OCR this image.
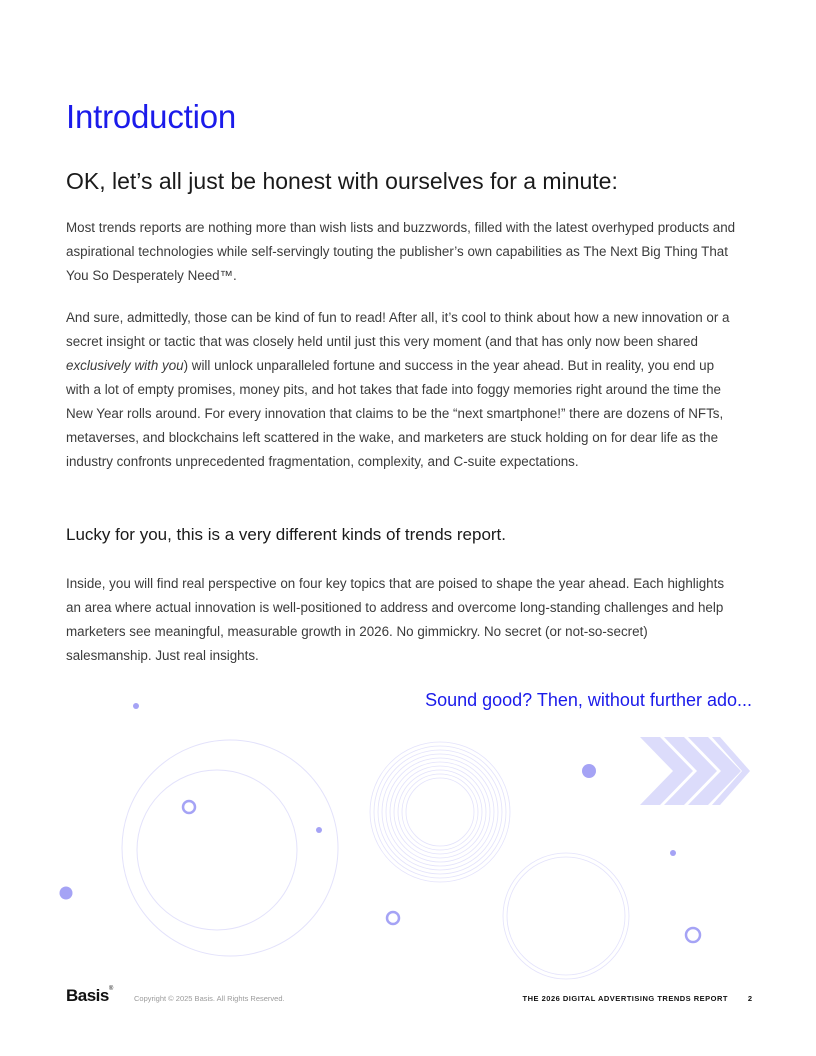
Introduction
OK, let’s all just be honest with ourselves for a minute:

Most trends reports are nothing more than wish lists and buzzwords, filled with the latest overhyped products and aspirational technologies while self-servingly touting the publisher’s own capabilities as The Next Big Thing That You So Desperately Need™.

And sure, admittedly, those can be kind of fun to read! After all, it’s cool to think about how a new innovation or a secret insight or tactic that was closely held until just this very moment (and that has only now been shared exclusively with you) will unlock unparalleled fortune and success in the year ahead. But in reality, you end up with a lot of empty promises, money pits, and hot takes that fade into foggy memories right around the time the New Year rolls around. For every innovation that claims to be the “next smartphone!” there are dozens of NFTs, metaverses, and blockchains left scattered in the wake, and marketers are stuck holding on for dear life as the industry confronts unprecedented fragmentation, complexity, and C-suite expectations.

Lucky for you, this is a very different kinds of trends report.

Inside, you will find real perspective on four key topics that are poised to shape the year ahead. Each highlights an area where actual innovation is well-positioned to address and overcome long-standing challenges and help marketers see meaningful, measurable growth in 2026. No gimmickry. No secret (or not-so-secret) salesmanship. Just real insights.

Sound good? Then, without further ado...

Basis®
Copyright © 2025 Basis. All Rights Reserved.	THE 2026 DIGITAL ADVERTISING TRENDS REPORT	2
